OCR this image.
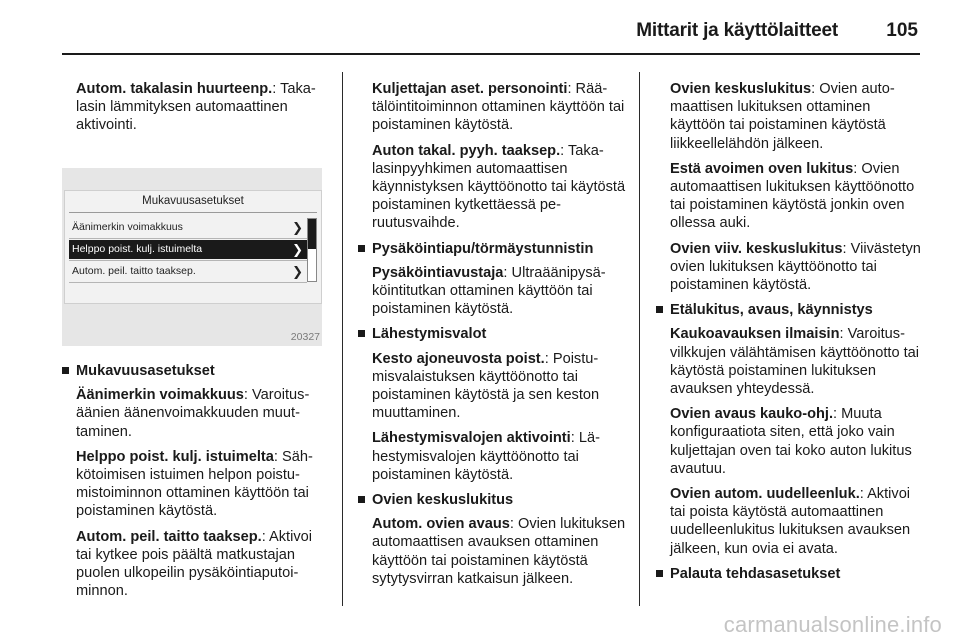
Mittarit ja käyttölaitteet	105

Autom. takalasin huurteenp.: Takalasin lämmityksen automaattinen aktivointi.

Mukavuusasetukset
Äänimerkin voimakkuus	❯
Helppo poist. kulj. istuimelta	❯
Autom. peil. taitto taaksep.	❯
20327

Mukavuusasetukset

Äänimerkin voimakkuus: Varoitusäänien äänenvoimakkuuden muuttaminen.

Helppo poist. kulj. istuimelta: Sähkötoimisen istuimen helpon poistumistoiminnon ottaminen käyttöön tai poistaminen käytöstä.

Autom. peil. taitto taaksep.: Aktivoi tai kytkee pois päältä matkustajan puolen ulkopeilin pysäköintiaputoiminnon.

Kuljettajan aset. personointi: Räätälöintitoiminnon ottaminen käyttöön tai poistaminen käytöstä.

Auton takal. pyyh. taaksep.: Takalasinpyyhkimen automaattisen käynnistyksen käyttöönotto tai käytöstä poistaminen kytkettäessä peruutusvaihde.

Pysäköintiapu/törmäystunnistin

Pysäköintiavustaja: Ultraäänipysäköintitutkan ottaminen käyttöön tai poistaminen käytöstä.

Lähestymisvalot

Kesto ajoneuvosta poist.: Poistumisvalaistuksen käyttöönotto tai poistaminen käytöstä ja sen keston muuttaminen.

Lähestymisvalojen aktivointi: Lähestymisvalojen käyttöönotto tai poistaminen käytöstä.

Ovien keskuslukitus

Autom. ovien avaus: Ovien lukituksen automaattisen avauksen ottaminen käyttöön tai poistaminen käytöstä sytytysvirran katkaisun jälkeen.

Ovien keskuslukitus: Ovien automaattisen lukituksen ottaminen käyttöön tai poistaminen käytöstä liikkeellelähdön jälkeen.

Estä avoimen oven lukitus: Ovien automaattisen lukituksen käyttöönotto tai poistaminen käytöstä jonkin oven ollessa auki.

Ovien viiv. keskuslukitus: Viivästetyn ovien lukituksen käyttöönotto tai poistaminen käytöstä.

Etälukitus, avaus, käynnistys

Kaukoavauksen ilmaisin: Varoitusvilkkujen välähtämisen käyttöönotto tai käytöstä poistaminen lukituksen avauksen yhteydessä.

Ovien avaus kauko-ohj.: Muuta konfiguraatiota siten, että joko vain kuljettajan oven tai koko auton lukitus avautuu.

Ovien autom. uudelleenluk.: Aktivoi tai poista käytöstä automaattinen uudelleenlukitus lukituksen avauksen jälkeen, kun ovia ei avata.

Palauta tehdasasetukset

carmanualsonline.info
